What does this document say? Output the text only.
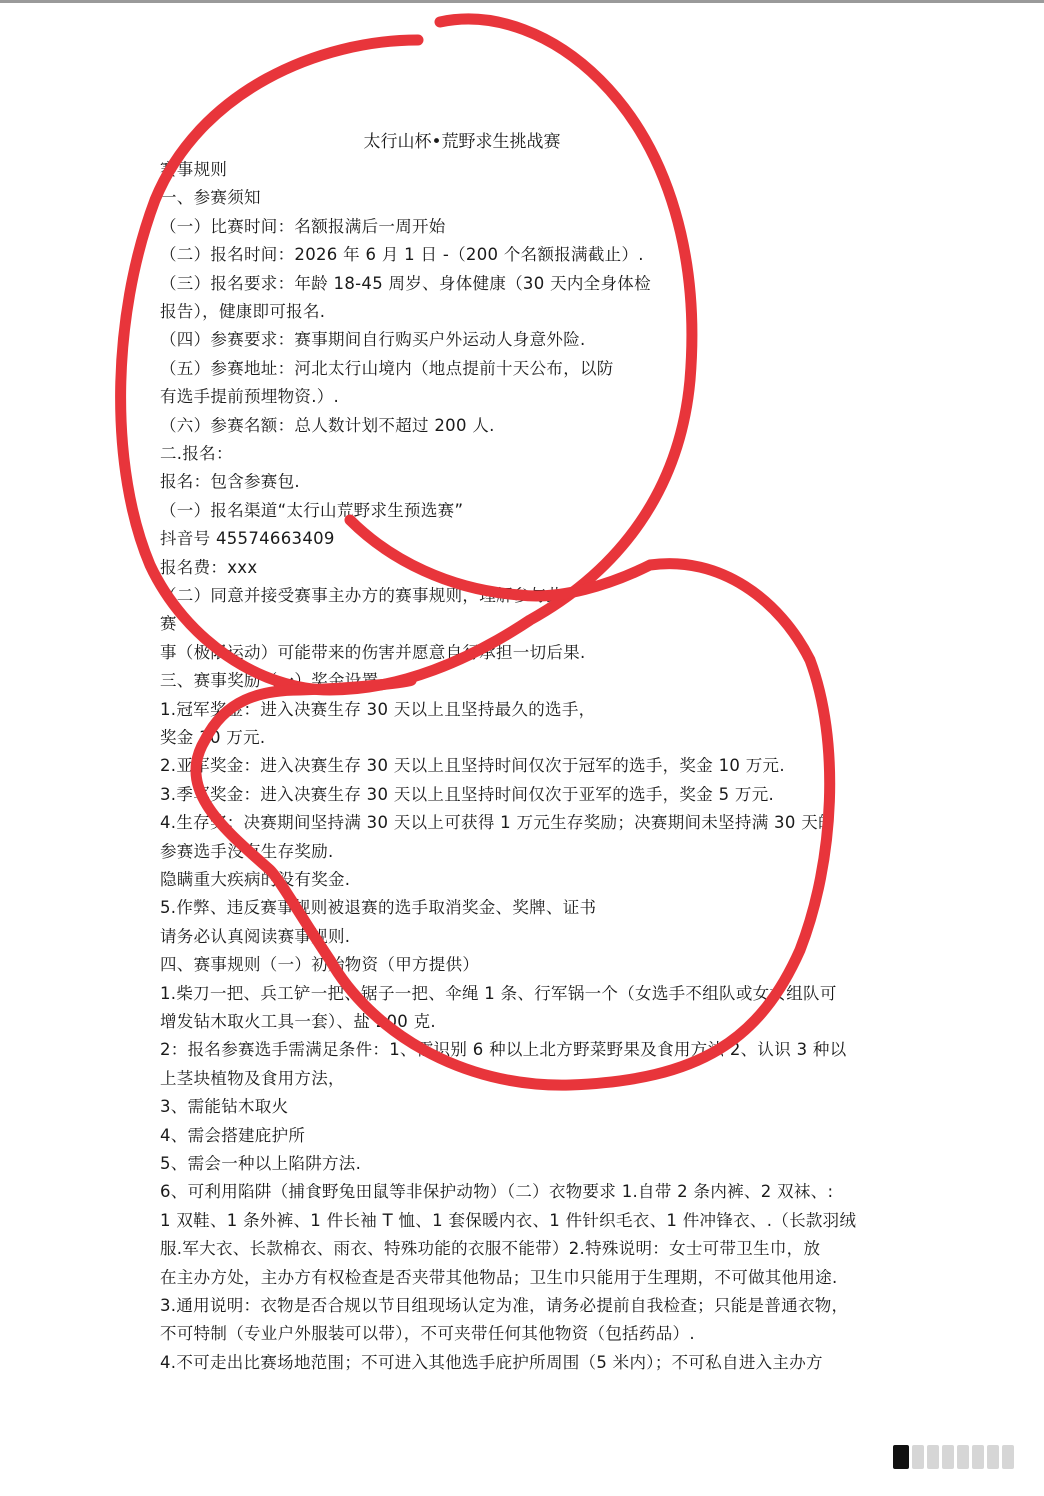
太行山杯•荒野求生挑战赛
赛事规则
一、参赛须知
（一）比赛时间：名额报满后一周开始
（二）报名时间：2026 年 6 月 1 日 -（200 个名额报满截止）.
（三）报名要求：年龄 18-45 周岁、身体健康（30 天内全身体检
报告），健康即可报名.
（四）参赛要求：赛事期间自行购买户外运动人身意外险.
（五）参赛地址：河北太行山境内（地点提前十天公布，以防
有选手提前预埋物资.）.
（六）参赛名额：总人数计划不超过 200 人.
二.报名：
报名：包含参赛包.
（一）报名渠道“太行山荒野求生预选赛”
抖音号 45574663409
报名费：xxx
（二）同意并接受赛事主办方的赛事规则，理解参与此
赛
事（极限运动）可能带来的伤害并愿意自行承担一切后果.
三、赛事奖励（一）奖金设置
1.冠军奖金：进入决赛生存 30 天以上且坚持最久的选手，
奖金 30 万元.
2.亚军奖金：进入决赛生存 30 天以上且坚持时间仅次于冠军的选手，奖金 10 万元.
3.季军奖金：进入决赛生存 30 天以上且坚持时间仅次于亚军的选手，奖金 5 万元.
4.生存奖：决赛期间坚持满 30 天以上可获得 1 万元生存奖励；决赛期间未坚持满 30 天的
参赛选手没有生存奖励.
隐瞒重大疾病的没有奖金.
5.作弊、违反赛事规则被退赛的选手取消奖金、奖牌、证书
请务必认真阅读赛事规则.
四、赛事规则（一）初始物资（甲方提供）
1.柴刀一把、兵工铲一把、锯子一把、伞绳 1 条、行军锅一个（女选手不组队或女女组队可
增发钻木取火工具一套）、盐 200 克.
2：报名参赛选手需满足条件：1、需识别 6 种以上北方野菜野果及食用方法 2、认识 3 种以
上茎块植物及食用方法，
3、需能钻木取火
4、需会搭建庇护所
5、需会一种以上陷阱方法.
6、可利用陷阱（捕食野兔田鼠等非保护动物）（二）衣物要求 1.自带 2 条内裤、2 双袜、:
1 双鞋、1 条外裤、1 件长袖 T 恤、1 套保暖内衣、1 件针织毛衣、1 件冲锋衣、.（长款羽绒
服.军大衣、长款棉衣、雨衣、特殊功能的衣服不能带）2.特殊说明：女士可带卫生巾，放
在主办方处，主办方有权检查是否夹带其他物品；卫生巾只能用于生理期，不可做其他用途.
3.通用说明：衣物是否合规以节目组现场认定为准，请务必提前自我检查；只能是普通衣物，
不可特制（专业户外服装可以带），不可夹带任何其他物资（包括药品）.
4.不可走出比赛场地范围；不可进入其他选手庇护所周围（5 米内）；不可私自进入主办方
